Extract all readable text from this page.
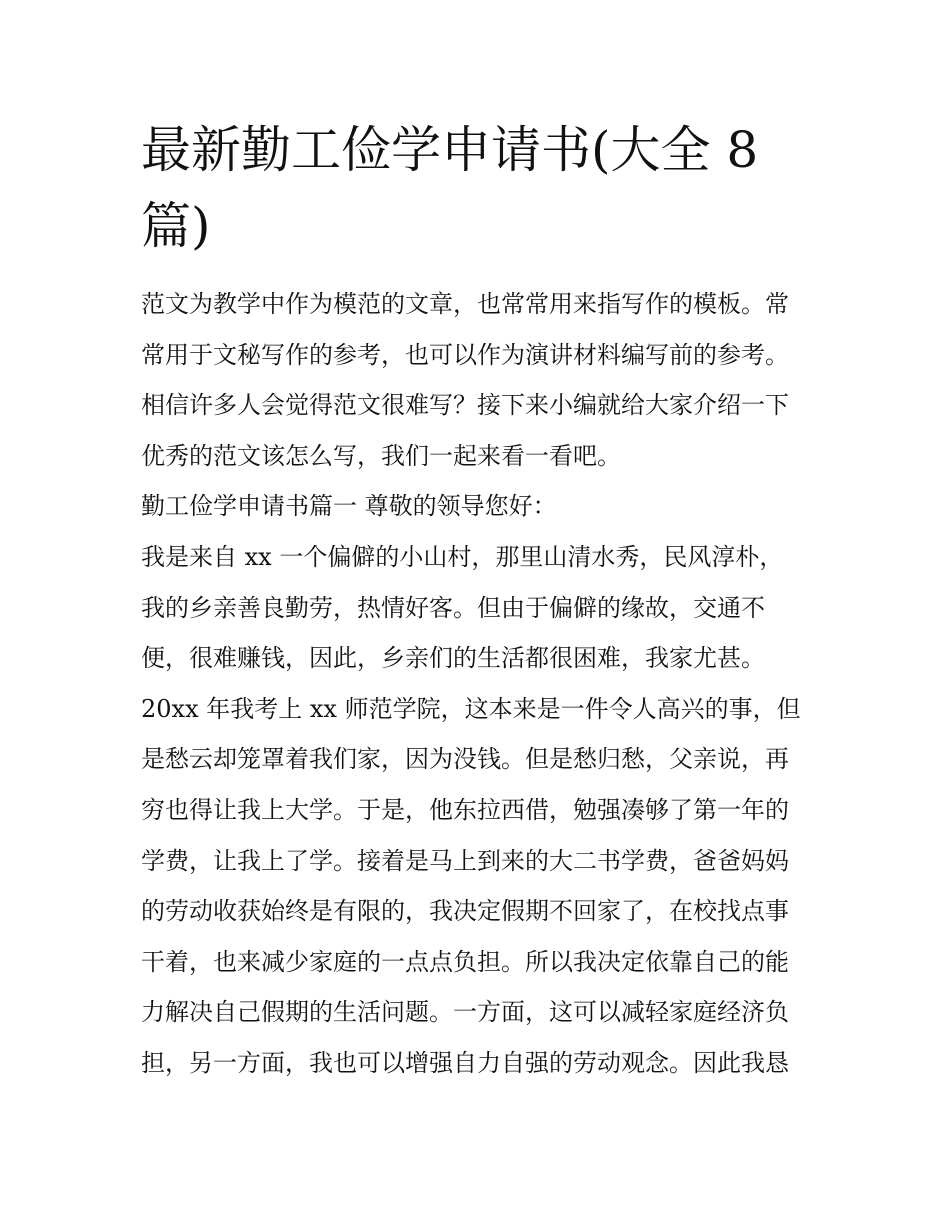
最新勤工俭学申请书(大全 8
篇)
范文为教学中作为模范的文章，也常常用来指写作的模板。常
常用于文秘写作的参考，也可以作为演讲材料编写前的参考。
相信许多人会觉得范文很难写？接下来小编就给大家介绍一下
优秀的范文该怎么写，我们一起来看一看吧。
勤工俭学申请书篇一 尊敬的领导您好：
我是来自 xx 一个偏僻的小山村，那里山清水秀，民风淳朴，
我的乡亲善良勤劳，热情好客。但由于偏僻的缘故，交通不
便，很难赚钱，因此，乡亲们的生活都很困难，我家尤甚。
20xx 年我考上 xx 师范学院，这本来是一件令人高兴的事，但
是愁云却笼罩着我们家，因为没钱。但是愁归愁，父亲说，再
穷也得让我上大学。于是，他东拉西借，勉强凑够了第一年的
学费，让我上了学。接着是马上到来的大二书学费，爸爸妈妈
的劳动收获始终是有限的，我决定假期不回家了，在校找点事
干着，也来减少家庭的一点点负担。所以我决定依靠自己的能
力解决自己假期的生活问题。一方面，这可以减轻家庭经济负
担，另一方面，我也可以增强自力自强的劳动观念。因此我恳
